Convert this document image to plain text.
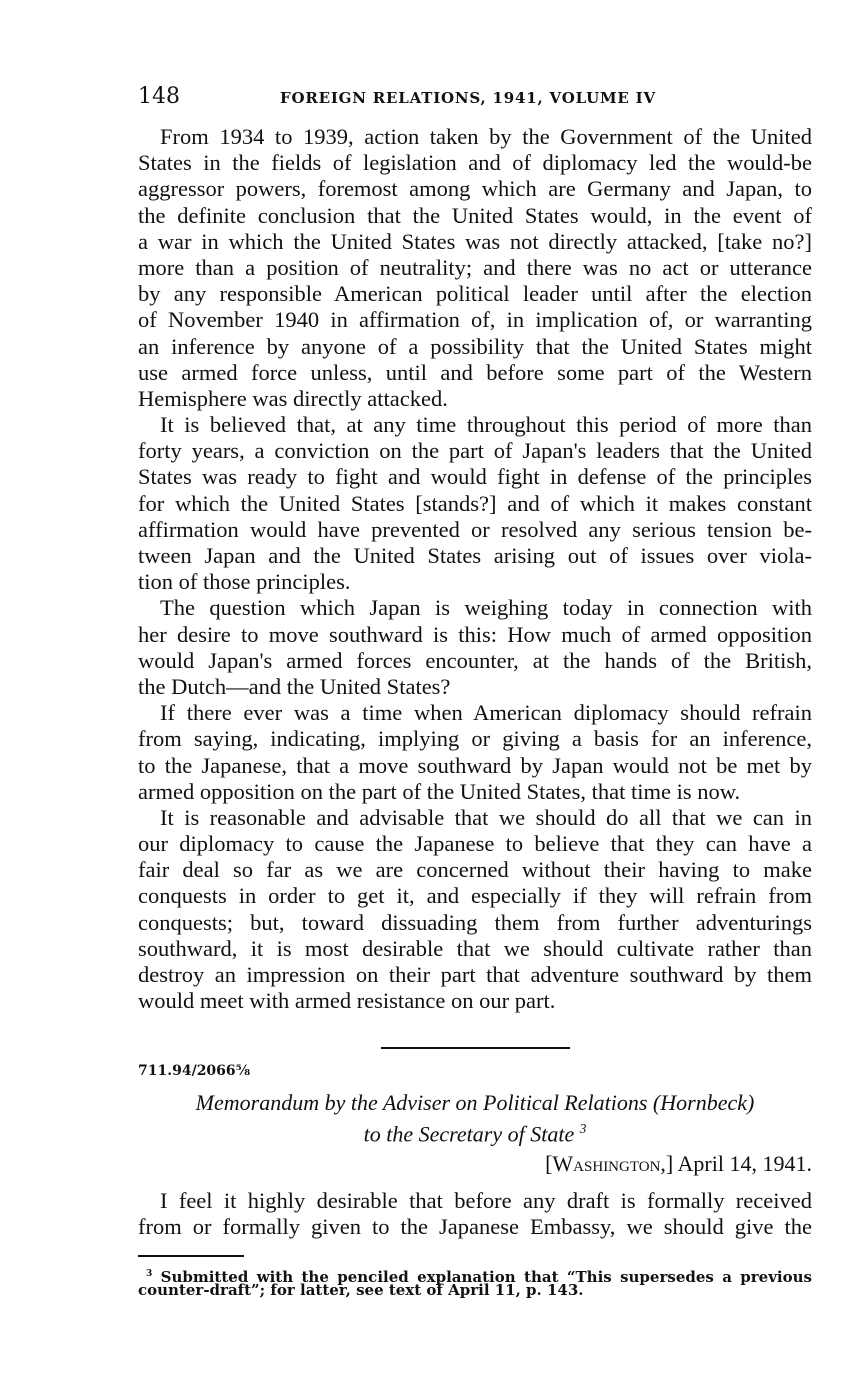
148	FOREIGN RELATIONS, 1941, VOLUME IV
From 1934 to 1939, action taken by the Government of the United
States in the fields of legislation and of diplomacy led the would-be
aggressor powers, foremost among which are Germany and Japan, to
the definite conclusion that the United States would, in the event of
a war in which the United States was not directly attacked, [take no?]
more than a position of neutrality; and there was no act or utterance
by any responsible American political leader until after the election
of November 1940 in affirmation of, in implication of, or warranting
an inference by anyone of a possibility that the United States might
use armed force unless, until and before some part of the Western
Hemisphere was directly attacked.
It is believed that, at any time throughout this period of more than
forty years, a conviction on the part of Japan's leaders that the United
States was ready to fight and would fight in defense of the principles
for which the United States [stands?] and of which it makes constant
affirmation would have prevented or resolved any serious tension be-
tween Japan and the United States arising out of issues over viola-
tion of those principles.
The question which Japan is weighing today in connection with
her desire to move southward is this: How much of armed opposition
would Japan's armed forces encounter, at the hands of the British,
the Dutch—and the United States?
If there ever was a time when American diplomacy should refrain
from saying, indicating, implying or giving a basis for an inference,
to the Japanese, that a move southward by Japan would not be met by
armed opposition on the part of the United States, that time is now.
It is reasonable and advisable that we should do all that we can in
our diplomacy to cause the Japanese to believe that they can have a
fair deal so far as we are concerned without their having to make
conquests in order to get it, and especially if they will refrain from
conquests; but, toward dissuading them from further adventurings
southward, it is most desirable that we should cultivate rather than
destroy an impression on their part that adventure southward by them
would meet with armed resistance on our part.
711.94/2066⅝
Memorandum by the Adviser on Political Relations (Hornbeck)
to the Secretary of State $^3$
[Washington,] April 14, 1941.
I feel it highly desirable that before any draft is formally received
from or formally given to the Japanese Embassy, we should give the
$^3$ Submitted with the penciled explanation that “This supersedes a previous
counter-draft”; for latter, see text of April 11, p. 143.
